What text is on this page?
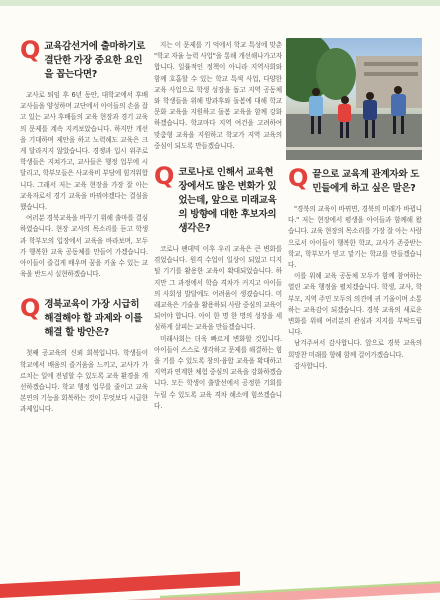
Q 교육감선거에 출마하기로 결단한 가장 중요한 요인을 꼽는다면?

교사로 퇴임 후 6년 동안, 대학교에서 후배 교사들을 양성하며 교단에서 아이들의 손을 잡고 있는 교사 후배들의 교육 현장과 경기 교육의 문제를 계속 지켜보았습니다. 하지만 개선을 기대하며 제안을 하고 노력해도 교육은 크게 달라지지 않았습니다. 경쟁과 입시 위주로 학생들은 지쳐가고, 교사들은 행정 업무에 시달리고, 학부모들은 사교육비 부담에 힘겨워합니다. 그래서 저는 교육 현장을 가장 잘 아는 교육자로서 경기 교육을 바꿔야겠다는 결심을 했습니다.

여러분 경북교육을 바꾸기 위해 출마를 결심하였습니다. 현장 교사의 목소리를 듣고 학생과 학부모의 입장에서 교육을 바라보며, 모두가 행복한 교육 공동체를 만들어 가겠습니다. 아이들이 즐겁게 배우며 꿈을 키울 수 있는 교육을 반드시 실현하겠습니다.

Q 경북교육이 가장 시급히 해결해야 할 과제와 이를 해결 할 방안은?

첫째 공교육의 신뢰 회복입니다. 학생들이 학교에서 배움의 즐거움을 느끼고, 교사가 가르치는 일에 전념할 수 있도록 교육 환경을 개선하겠습니다. 학교 행정 업무를 줄이고 교육 본연의 기능을 회복하는 것이 무엇보다 시급한 과제입니다.

지는 이 문제를 기 억에서 학교 특성에 맞춘 "학교 자율 능력 사업"을 통해 개선해나가고자 합니다. 일률적인 정책이 아니라 지역사회와 함께 호흡할 수 있는 학교 특색 사업, 다양한 교육 사업으로 학생 성장을 돕고 지역 공동체와 학생들을 위해 방과후와 돌봄에 대해 학교 문화 교육을 지원하고 돌봄 교육을 함께 강화하겠습니다. 학교마다 지역 여건을 고려하여 맞춤형 교육을 지원하고 학교가 지역 교육의 중심이 되도록 만들겠습니다.

Q 코로나로 인해서 교육현장에서도 많은 변화가 있었는데, 앞으로 미래교육의 방향에 대한 후보자의 생각은?

코로나 팬데믹 이후 우리 교육은 큰 변화를 겪었습니다. 원격 수업이 일상이 되었고 디지털 기기를 활용한 교육이 확대되었습니다. 하지만 그 과정에서 학습 격차가 커지고 아이들의 사회성 발달에도 어려움이 생겼습니다. 미래교육은 기술을 활용하되 사람 중심의 교육이 되어야 합니다. 아이 한 명 한 명의 성장을 세심하게 살피는 교육을 만들겠습니다.

미래사회는 더욱 빠르게 변화할 것입니다. 아이들이 스스로 생각하고 문제를 해결하는 힘을 기를 수 있도록 창의·융합 교육을 확대하고 지역과 연계한 체험 중심의 교육을 강화하겠습니다. 모든 학생이 출발선에서 공정한 기회를 누릴 수 있도록 교육 격차 해소에 힘쓰겠습니다.

Q 끝으로 교육계 관계자와 도민들에게 하고 싶은 말은?

"경북의 교육이 바뀌면, 경북의 미래가 바뀝니다." 저는 현장에서 평생을 아이들과 함께해 왔습니다. 교육 현장의 목소리를 가장 잘 아는 사람으로서 아이들이 행복한 학교, 교사가 존중받는 학교, 학부모가 믿고 맡기는 학교를 만들겠습니다.

이를 위해 교육 공동체 모두가 함께 참여하는 열린 교육 행정을 펼치겠습니다. 학생, 교사, 학부모, 지역 주민 모두의 의견에 귀 기울이며 소통하는 교육감이 되겠습니다. 경북 교육의 새로운 변화를 위해 여러분의 관심과 지지를 부탁드립니다.

남겨주셔서 감사합니다. 앞으로 경북 교육의 희망찬 미래를 향해 함께 걸어가겠습니다.

감사합니다.
